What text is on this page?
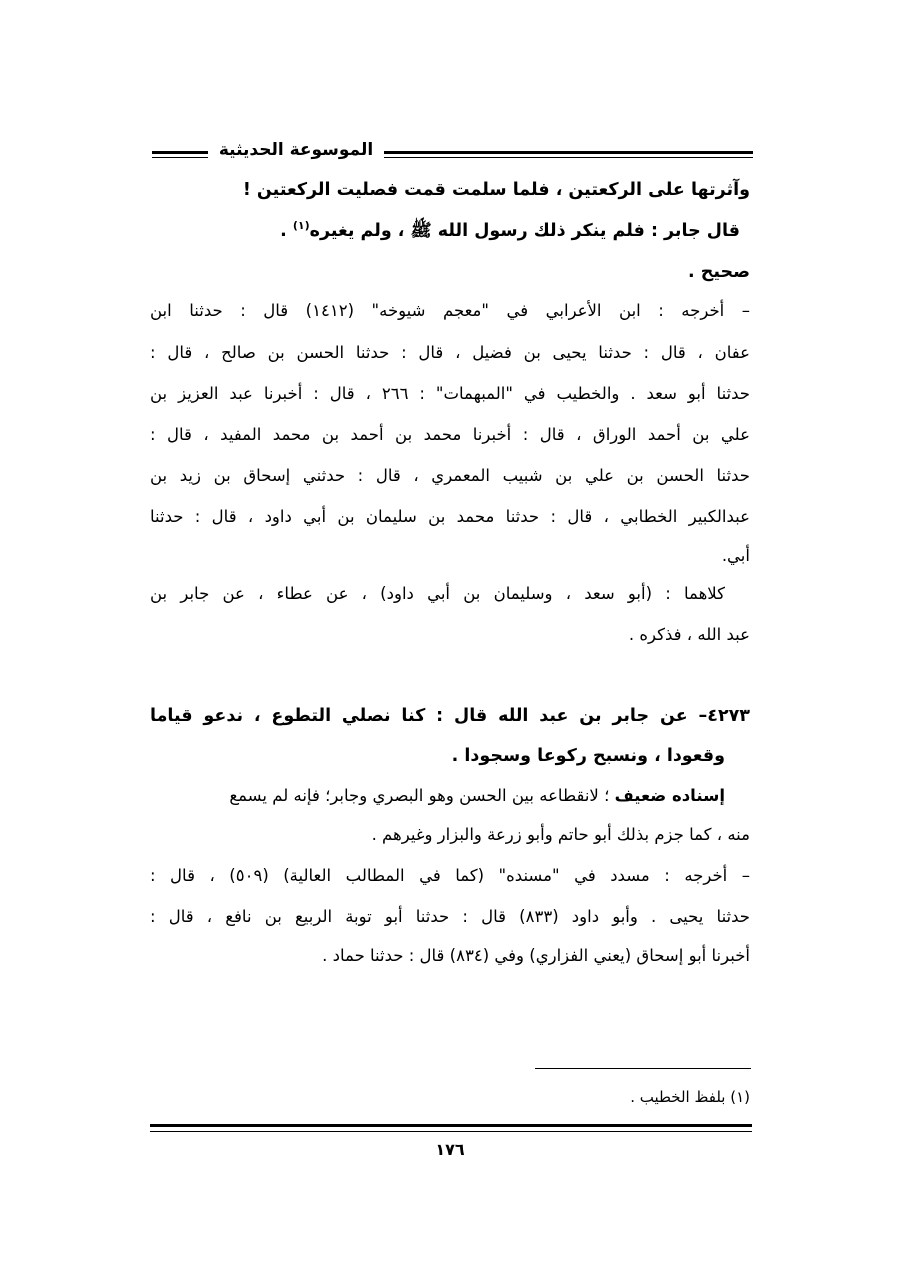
الموسوعة الحديثية
وآثرتها على الركعتين ، فلما سلمت قمت فصليت الركعتين !
قال جابر : فلم ينكر ذلك رسول الله ﷺ ، ولم يغيره$^{(١)}$ .
صحيح .
– أخرجه : ابن الأعرابي في "معجم شيوخه" (١٤١٢) قال : حدثنا ابن
عفان ، قال : حدثنا يحيى بن فضيل ، قال : حدثنا الحسن بن صالح ، قال :
حدثنا أبو سعد . والخطيب في "المبهمات" : ٢٦٦ ، قال : أخبرنا عبد العزيز بن
علي بن أحمد الوراق ، قال : أخبرنا محمد بن أحمد بن محمد المفيد ، قال :
حدثنا الحسن بن علي بن شبيب المعمري ، قال : حدثني إسحاق بن زيد بن
عبدالكبير الخطابي ، قال : حدثنا محمد بن سليمان بن أبي داود ، قال : حدثنا
أبي.
كلاهما : (أبو سعد ، وسليمان بن أبي داود) ، عن عطاء ، عن جابر بن
عبد الله ، فذكره .
٤٢٧٣– عن جابر بن عبد الله قال : كنا نصلي التطوع ، ندعو قياما
وقعودا ، ونسبح ركوعا وسجودا .
إسناده ضعيف ؛ لانقطاعه بين الحسن وهو البصري وجابر؛ فإنه لم يسمع
منه ، كما جزم بذلك أبو حاتم وأبو زرعة والبزار وغيرهم .
– أخرجه : مسدد في "مسنده" (كما في المطالب العالية) (٥٠٩) ، قال :
حدثنا يحيى . وأبو داود (٨٣٣) قال : حدثنا أبو توبة الربيع بن نافع ، قال :
أخبرنا أبو إسحاق (يعني الفزاري) وفي (٨٣٤) قال : حدثنا حماد .
(١) بلفظ الخطيب .
١٧٦
